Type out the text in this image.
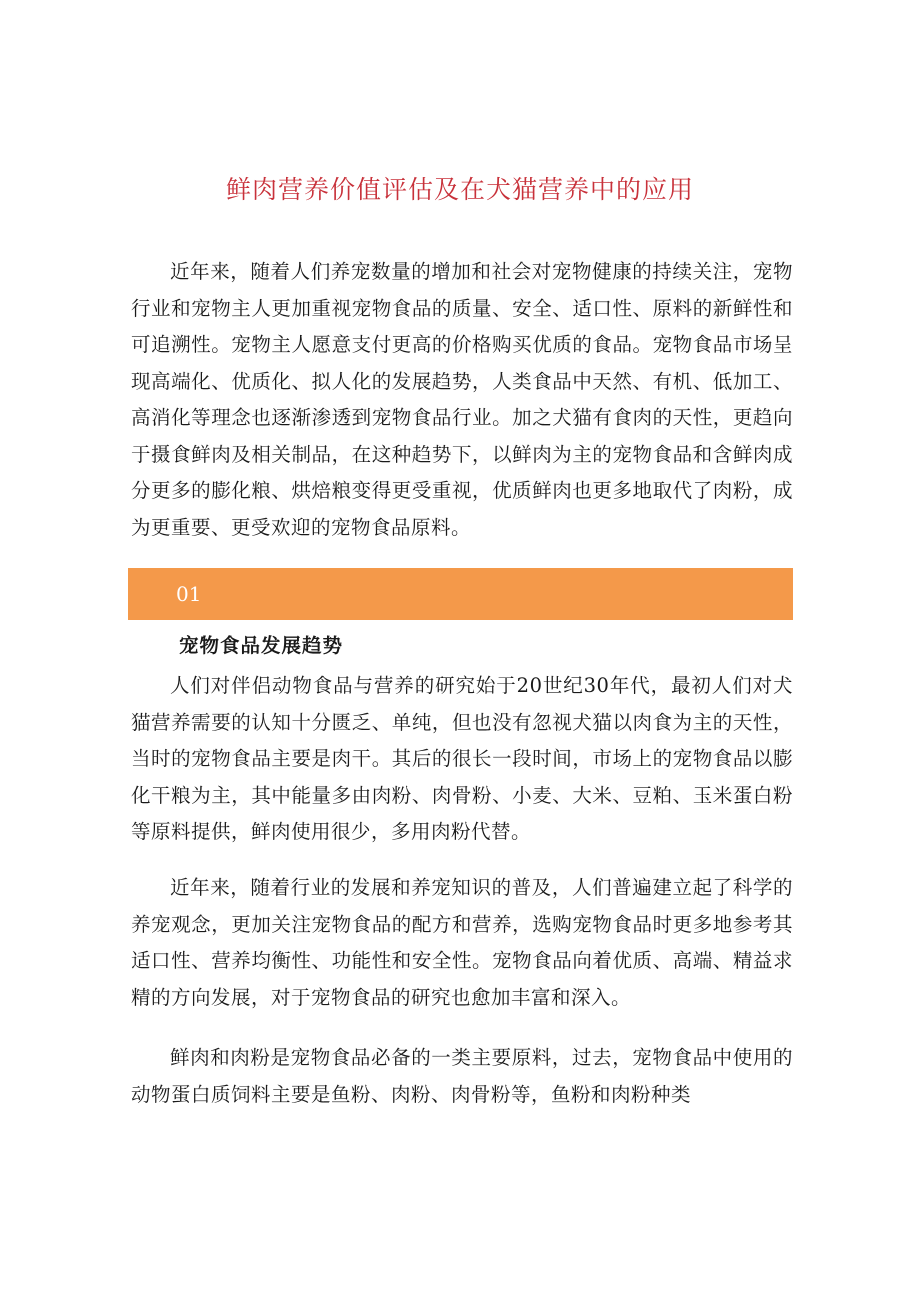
鲜肉营养价值评估及在犬猫营养中的应用

近年来，随着人们养宠数量的增加和社会对宠物健康的持续关注，宠物行业和宠物主人更加重视宠物食品的质量、安全、适口性、原料的新鲜性和可追溯性。宠物主人愿意支付更高的价格购买优质的食品。宠物食品市场呈现高端化、优质化、拟人化的发展趋势，人类食品中天然、有机、低加工、高消化等理念也逐渐渗透到宠物食品行业。加之犬猫有食肉的天性，更趋向于摄食鲜肉及相关制品，在这种趋势下，以鲜肉为主的宠物食品和含鲜肉成分更多的膨化粮、烘焙粮变得更受重视，优质鲜肉也更多地取代了肉粉，成为更重要、更受欢迎的宠物食品原料。

01
宠物食品发展趋势

人们对伴侣动物食品与营养的研究始于20世纪30年代，最初人们对犬猫营养需要的认知十分匮乏、单纯，但也没有忽视犬猫以肉食为主的天性，当时的宠物食品主要是肉干。其后的很长一段时间，市场上的宠物食品以膨化干粮为主，其中能量多由肉粉、肉骨粉、小麦、大米、豆粕、玉米蛋白粉等原料提供，鲜肉使用很少，多用肉粉代替。

近年来，随着行业的发展和养宠知识的普及，人们普遍建立起了科学的养宠观念，更加关注宠物食品的配方和营养，选购宠物食品时更多地参考其适口性、营养均衡性、功能性和安全性。宠物食品向着优质、高端、精益求精的方向发展，对于宠物食品的研究也愈加丰富和深入。

鲜肉和肉粉是宠物食品必备的一类主要原料，过去，宠物食品中使用的动物蛋白质饲料主要是鱼粉、肉粉、肉骨粉等，鱼粉和肉粉种类
